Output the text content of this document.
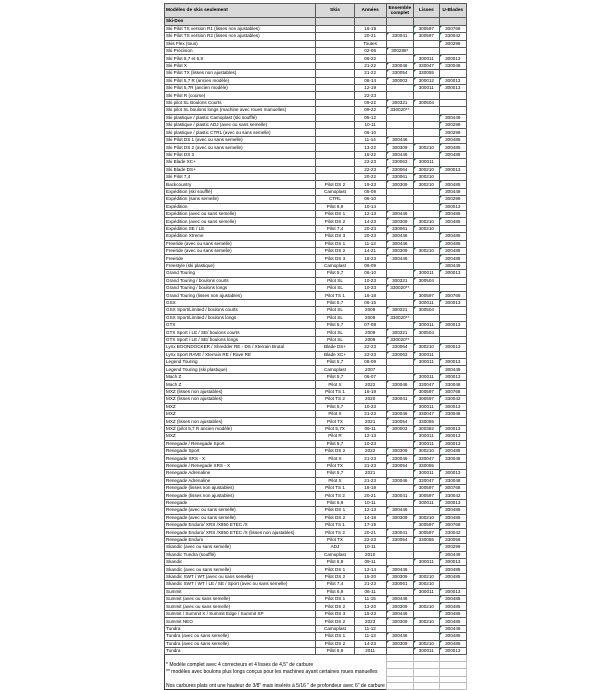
Modèles de skis seulement	Skis	Années	Ensemble complet	Lisses	U-Blades
Ski-Doo					
Ski Pilot TS version R1 (lisses non ajustables)		16-19		300597	300768
Ski Pilot TS version R2 (lisses non ajustables)		20-21	330041	300597	330042
Skis Flex (tous)		Toutes			300299
Ski Précision		02-06	300288*		
Ski Pilot 5,7 et 6,9		06-22		300011	300013
Ski Pilot X		21-22	330046	330047	330048
Ski Pilot TX (lisses non ajustables)		21-22	330054	330055	
Ski Pilot 5,7 R (ancien modèle)		08-14	300003	300012	300013
Ski Pilot 5,7R (ancien modèle)		12-19		300011	300013
Ski Pilot R (course)		22-23			
Ski pilot SL Boulons Courts		09-22	300321	300504	
Ski pilot SL boulons longs (machine avec roues manuelles)		09-22	330020**		
Ski plastique / plastic Camoplast (ski soufflé)		05-12			300449
Ski plastique / plastic ADJ (avec ou sans semelle)		10-11			300299
Ski plastique / plastic CTRL (avec ou sans semelle)		06-10			300299
Ski Pilot DS 1 (avec ou sans semelle)		11-14	300446		300485
Ski Pilot DS 2 (avec ou sans semelle)		13-22	300309	300210	300485
Ski Pilot DS 3		15-22	300446		300485
Ski Blade XC+		22-23	330063	300011	
Ski Blade DS+		22-23	330064	300210	300013
Ski Pilot 7,4		20-22	330061	300210	
Backcountry	Pilot DS 2	19-23	300309	300210	300485
Expédition (ski soufflé)	Camoplast	05-09			300449
Expédition (sans semelle)	CTRL	06-10			300299
Expédition	Pilot 6,9	10-14			300013
Expédition (avec ou sans semelle)	Pilot DS 1	12-13	300446		300485
Expédition (avec ou sans semelle)	Pilot DS 2	14-23	300309	300210	300485
Expédition SE / LE	Pilot 7,4	20-23	330061	300210	
Expédition Xtreme	Pilot DS 3	20-23	300446		300485
Freeride (avec ou sans semelle)	Pilot DS 1	11-13	300446		300485
Freeride (avec ou sans semelle)	Pilot DS 2	14-21	300309	300210	300485
Freeride	Pilot DS 3	18-23	300446		300485
Freestyle (ski plastique)	Camoplast	06-09			300449
Grand Touring	Pilot 5,7	06-10		300011	300013
Grand Touring / boulons courts	Pilot SL	10-23	300321	300504	
Grand Touring / boulons longs	Pilot SL	10-23	330020**		
Grand Touring (lisses non ajustables)	Pilot TS 1	16-18		300597	300768
GSX	Pilot 5,7	06-15		300011	300013
GSX Sport/Limited / boulons courts	Pilot SL	2009	300321	300504	
GSX Sport/Limited / boulons longs	Pilot SL	2009	330020**		
GTX	Pilot 5,7	07-09		300011	300013
GTX Sport / LE / SE/ boulons courts	Pilot SL	2009	300321	300504	
GTX Sport / LE / SE/ boulons longs	Pilot SL	2009	330020**		
Lynx BOONDOCKER / Shredder RE - DS / Xterrain Brutal	Blade DS+	22-23	330064	300210	300013
Lynx Sport RAVE / Xterrain RE / Rave RE	Blade XC+	22-23	330063	300011	
Legend Touring	Pilot 5,7	08-09		300011	300013
Legend Touring (ski plastique)	Camoplast	2007			300449
Mach Z	Pilot 5,7	06-07		300011	300013
Mach Z	Pilot X	2022	330046	330047	330048
MXZ (lisses non ajustables)	Pilot TS 1	16-19		300597	300768
MXZ (lisses non ajustables)	Pilot TS 2	2020	330041	300597	330042
MXZ	Pilot 5,7	10-23		300011	300013
MXZ	Pilot X	21-23	330046	330047	330048
MXZ (lisses non ajustables)	Pilot TX	2021	330054	330055	
MXZ (pilot 5,7 R ancien modèle)	Pilot 5,7X	09-11	300003	300382	300013
MXZ	Pilot R	12-13		300011	300013
Renegade / Renegade Sport	Pilot 5,7	10-23		300011	300013
Renegade Sport	Pilot DS 2	2022	300309	300210	300485
Renegade XRS - X	Pilot X	21-23	330046	330047	330048
Renegade / Renegade XRS - X	Pilot TX	21-23	330054	330055	
Renegade Adrenaline	Pilot 5,7	2021		300011	300013
Renegade Adrenaline	Pilot X	21-23	330046	330047	330048
Renegade (lisses non ajustables)	Pilot TS 1	18-19		300597	300768
Renegade (lisses non ajustables)	Pilot TS 2	20-21	330041	300597	330042
Renegade	Pilot 6,9	10-11		300011	300013
Renegade (avec ou sans semelle)	Pilot DS 1	12-13	300446		300485
Renegade (avec ou sans semelle)	Pilot DS 2	14-18	300309	300210	300485
Renegade Enduro/ XRS /X850 ETEC /X	Pilot TS 1	17-19		300597	300768
Renegade Enduro/ XRS /X850 ETEC /X (lisses non ajustables)	Pilot TS 2	20-21	330041	300597	330042
Renegade Enduro	Pilot TX	22-23	330054	330055	330056
Skandic (avec ou sans semelle)	ADJ	10-11			300299
Skandic Tundra (soufflé)	Camoplast	2010			300449
Skandic	Pilot 6,9	09-11		300011	300013
Skandic (avec ou sans semelle)	Pilot DS 1	12-14	300446		300485
Skandic SWT / WT (avec ou sans semelle)	Pilot DS 2	15-20	300309	300210	300485
Skandic SWT / WT / LE / SE / Sport (avec ou sans semelle)	Pilot 7,4	21-23	330061	300210	
Summit	Pilot 6,9	06-11		300011	300013
Summit (avec ou sans semelle)	Pilot DS 1	11-15	300446		300485
Summit (avec ou sans semelle)	Pilot DS 2	13-20	300309	300210	300485
Summit / Summit X / Summit Edge / Summit SP	Pilot DS 3	15-23	300446		300485
Summit NEO	Pilot DS 2	2023	300309	300210	300485
Tundra	Camoplast	11-12			300449
Tundra (avec ou sans semelle)	Pilot DS 1	11-13	300446		300485
Tundra (avec ou sans semelle)	Pilot DS 2	14-23	300309	300210	300485
Tundra	Pilot 6,9	2011		300011	300013

* Modèle complet avec 4 correcteurs et 4 lisses de 4,5" de carbure					
** modèles avec boulons plus longs conçus pour les machines ayant certaines roues manuelles					

Nos carbures plats ont une hauteur de 3/8" mais insérés à 5/16 " de profondeur avec 6" de carbure					
